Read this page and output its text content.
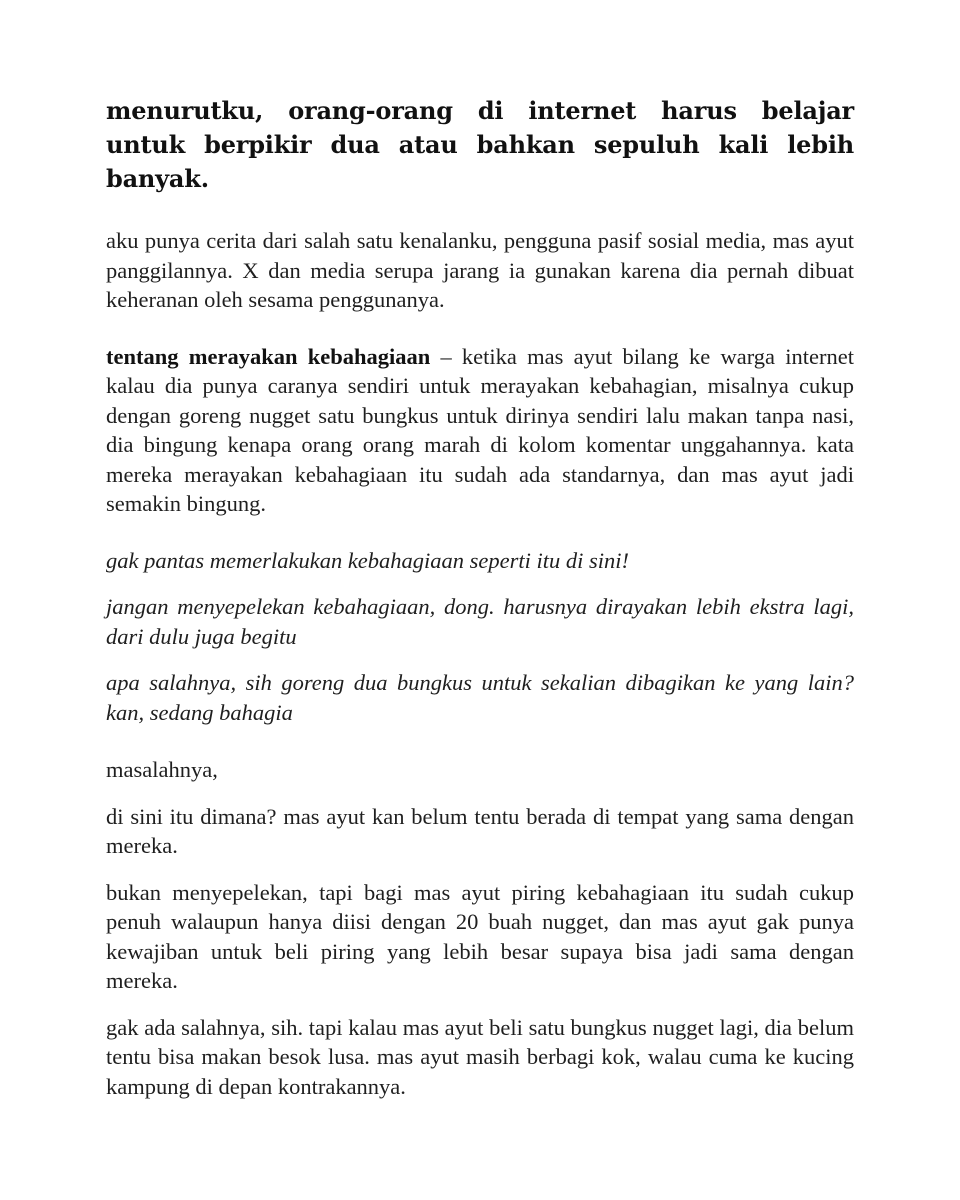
menurutku, orang-orang di internet harus belajar untuk berpikir dua atau bahkan sepuluh kali lebih banyak.

aku punya cerita dari salah satu kenalanku, pengguna pasif sosial media, mas ayut panggilannya. X dan media serupa jarang ia gunakan karena dia pernah dibuat keheranan oleh sesama penggunanya.

tentang merayakan kebahagiaan – ketika mas ayut bilang ke warga internet kalau dia punya caranya sendiri untuk merayakan kebahagian, misalnya cukup dengan goreng nugget satu bungkus untuk dirinya sendiri lalu makan tanpa nasi, dia bingung kenapa orang orang marah di kolom komentar unggahannya. kata mereka merayakan kebahagiaan itu sudah ada standarnya, dan mas ayut jadi semakin bingung.

gak pantas memerlakukan kebahagiaan seperti itu di sini!

jangan menyepelekan kebahagiaan, dong. harusnya dirayakan lebih ekstra lagi, dari dulu juga begitu

apa salahnya, sih goreng dua bungkus untuk sekalian dibagikan ke yang lain? kan, sedang bahagia

masalahnya,

di sini itu dimana? mas ayut kan belum tentu berada di tempat yang sama dengan mereka.

bukan menyepelekan, tapi bagi mas ayut piring kebahagiaan itu sudah cukup penuh walaupun hanya diisi dengan 20 buah nugget, dan mas ayut gak punya kewajiban untuk beli piring yang lebih besar supaya bisa jadi sama dengan mereka.

gak ada salahnya, sih. tapi kalau mas ayut beli satu bungkus nugget lagi, dia belum tentu bisa makan besok lusa. mas ayut masih berbagi kok, walau cuma ke kucing kampung di depan kontrakannya.
